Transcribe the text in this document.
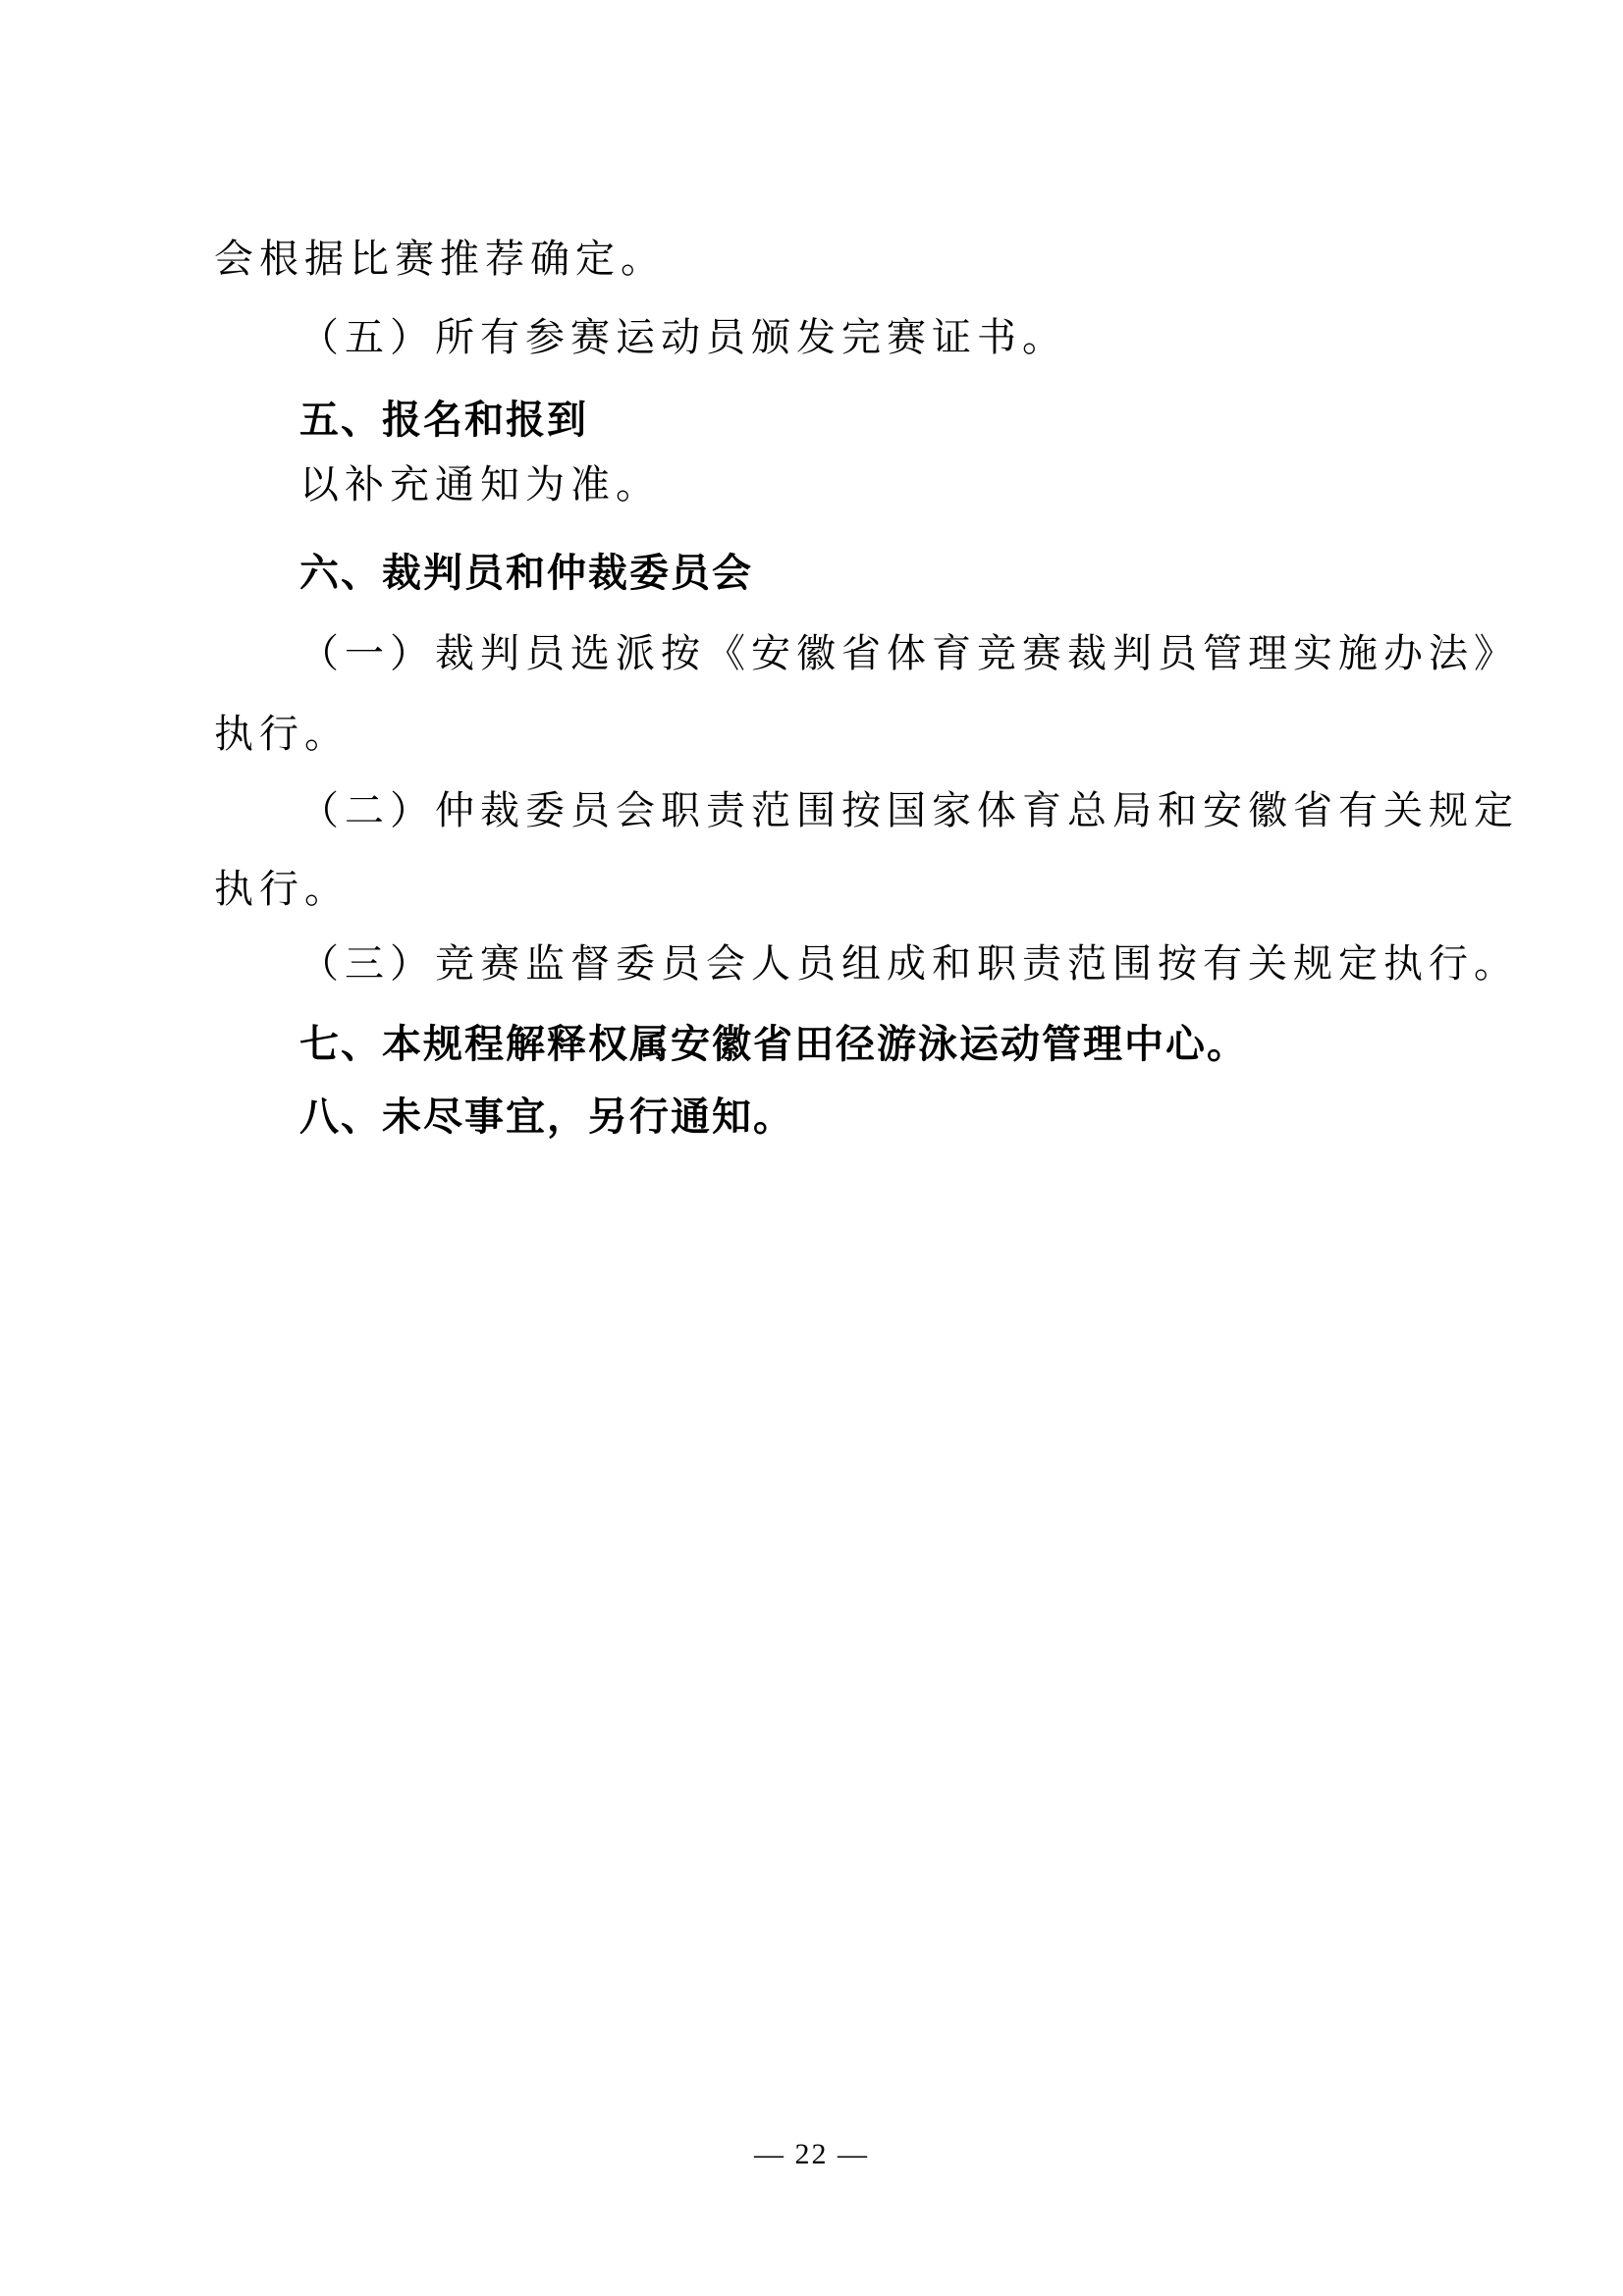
会根据比赛推荐确定。
（五）所有参赛运动员颁发完赛证书。
五、报名和报到
以补充通知为准。
六、裁判员和仲裁委员会
（一）裁判员选派按《安徽省体育竞赛裁判员管理实施办法》
执行。
（二）仲裁委员会职责范围按国家体育总局和安徽省有关规定
执行。
（三）竞赛监督委员会人员组成和职责范围按有关规定执行。
七、本规程解释权属安徽省田径游泳运动管理中心。
八、未尽事宜，另行通知。
— 22 —
